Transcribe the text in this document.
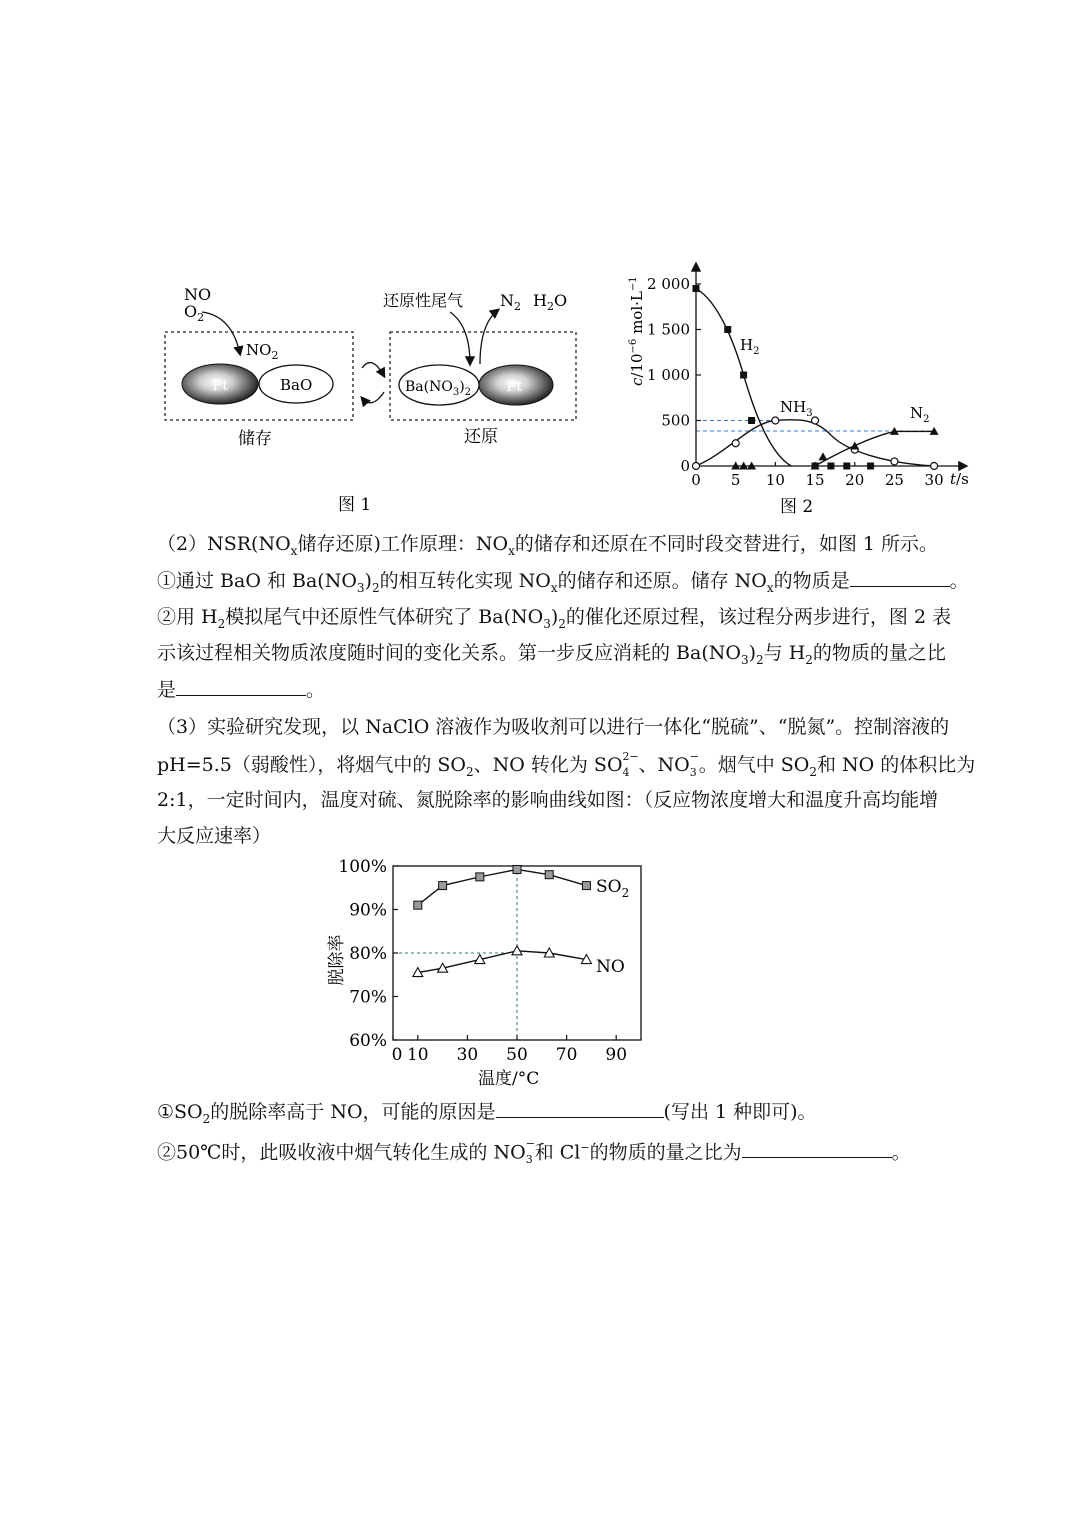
NO
$O_2$
$NO_2$
Pt	BaO	$Ba(NO_3)_2$ Pt
还原性尾气 $N_2$ $H_2O$
储存	还原
图 1
0
500
1 000
1 500
2 000
0 5 10 15 20 25 30
$c/10^{-6}$ $mol\cdot L^{-1}$
t/s
$H_2$
$NH_3$	$N_2$
图 2
$(2)NSR(NO_x$储存还原)工作原理：$NO_x$的储存和还原在不同时段交替进行，如图 1 所示。
①通过 BaO 和 $Ba(NO_3)_2$的相互转化实现 $NO_x$的储存和还原。储存 $NO_x$的物质是	。
②用 $H_2$模拟尾气中还原性气体研究了 $Ba(NO_3)_2$的催化还原过程，该过程分两步进行，图 2 表
示该过程相关物质浓度随时间的变化关系。第一步反应消耗的 $Ba(NO_3)_2$与 $H_2$的物质的量之比
是	。
（3）实验研究发现，以 NaClO 溶液作为吸收剂可以进行一体化“脱硫”、“脱氮”。控制溶液的
pH=5.5（弱酸性），将烟气中的 $SO_2$、NO 转化为 SO 2−
4 、NO −
3 。烟气中 $SO_2$和 NO 的体积比为
2:1，一定时间内，温度对硫、氮脱除率的影响曲线如图：（反应物浓度增大和温度升高均能增
大反应速率）
60%
70%
80%
90%
100%
0 10 30 50 70 90
脱除率
温度/°C
$SO_2$
NO
$①SO_2$的脱除率高于 NO，可能的原因是	(写出 1 种即可)。
②50℃时，此吸收液中烟气转化生成的 NO −
3 和 Cl−的物质的量之比为	。
